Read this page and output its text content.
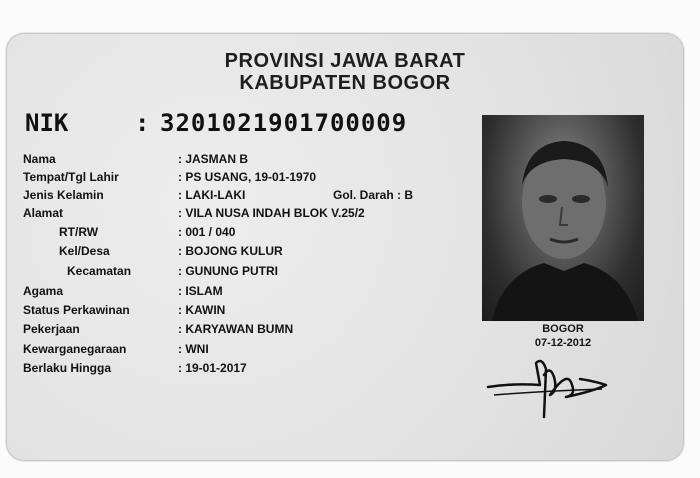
PROVINSI JAWA BARAT
KABUPATEN BOGOR
NIK	: 3201021901700009
Nama	: JASMAN B
Tempat/Tgl Lahir	: PS USANG, 19-01-1970
Jenis Kelamin	: LAKI-LAKI	Gol. Darah : B
Alamat	: VILA NUSA INDAH BLOK V.25/2
RT/RW	: 001 / 040
Kel/Desa	: BOJONG KULUR
Kecamatan	: GUNUNG PUTRI
Agama	: ISLAM
Status Perkawinan	: KAWIN
Pekerjaan	: KARYAWAN BUMN
Kewarganegaraan	: WNI
Berlaku Hingga	: 19-01-2017
BOGOR
07-12-2012
